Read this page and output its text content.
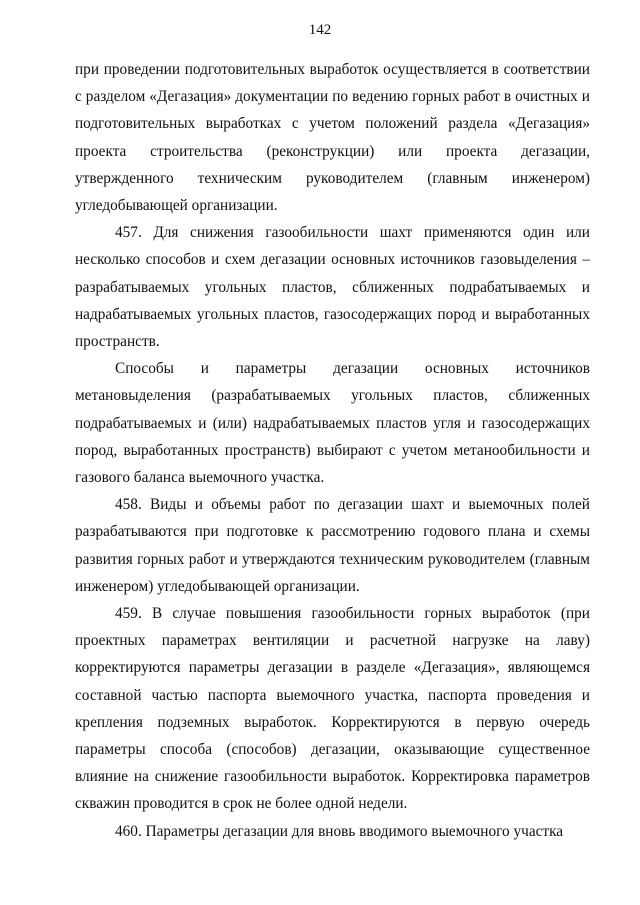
142

при проведении подготовительных выработок осуществляется в соответствии с разделом «Дегазация» документации по ведению горных работ в очистных и подготовительных выработках с учетом положений раздела «Дегазация» проекта строительства (реконструкции) или проекта дегазации, утвержденного техническим руководителем (главным инженером) угледобывающей организации.

457. Для снижения газообильности шахт применяются один или несколько способов и схем дегазации основных источников газовыделения – разрабатываемых угольных пластов, сближенных подрабатываемых и надрабатываемых угольных пластов, газосодержащих пород и выработанных пространств.

Способы и параметры дегазации основных источников метановыделения (разрабатываемых угольных пластов, сближенных подрабатываемых и (или) надрабатываемых пластов угля и газосодержащих пород, выработанных пространств) выбирают с учетом метанообильности и газового баланса выемочного участка.

458. Виды и объемы работ по дегазации шахт и выемочных полей разрабатываются при подготовке к рассмотрению годового плана и схемы развития горных работ и утверждаются техническим руководителем (главным инженером) угледобывающей организации.

459. В случае повышения газообильности горных выработок (при проектных параметрах вентиляции и расчетной нагрузке на лаву) корректируются параметры дегазации в разделе «Дегазация», являющемся составной частью паспорта выемочного участка, паспорта проведения и крепления подземных выработок. Корректируются в первую очередь параметры способа (способов) дегазации, оказывающие существенное влияние на снижение газообильности выработок. Корректировка параметров скважин проводится в срок не более одной недели.

460. Параметры дегазации для вновь вводимого выемочного участка
